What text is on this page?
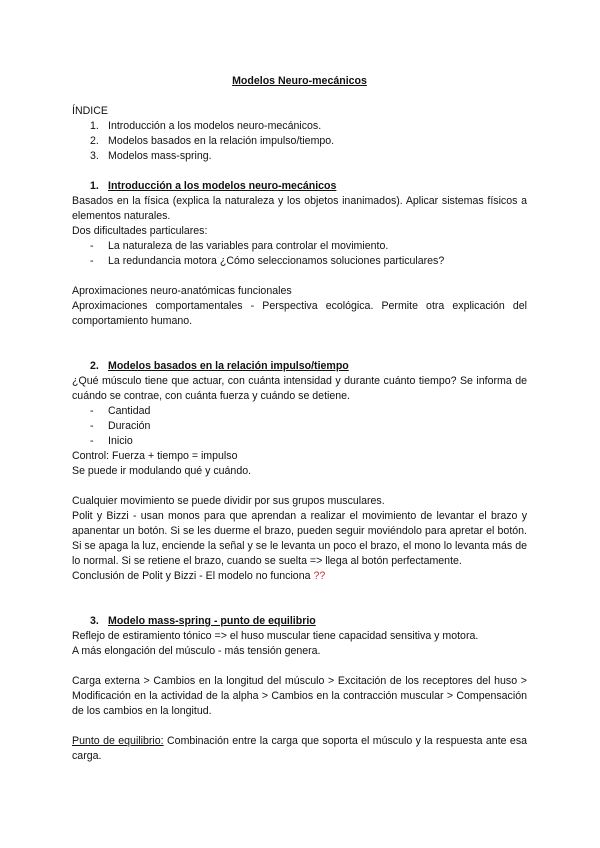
Modelos Neuro-mecánicos

ÍNDICE

1. Introducción a los modelos neuro-mecánicos.
2. Modelos basados en la relación impulso/tiempo.
3. Modelos mass-spring.

1. Introducción a los modelos neuro-mecánicos

Basados en la física (explica la naturaleza y los objetos inanimados). Aplicar sistemas físicos a elementos naturales.

Dos dificultades particulares:

- La naturaleza de las variables para controlar el movimiento.
- La redundancia motora ¿Cómo seleccionamos soluciones particulares?

Aproximaciones neuro-anatómicas funcionales

Aproximaciones comportamentales - Perspectiva ecológica. Permite otra explicación del comportamiento humano.

2. Modelos basados en la relación impulso/tiempo

¿Qué músculo tiene que actuar, con cuánta intensidad y durante cuánto tiempo? Se informa de cuándo se contrae, con cuánta fuerza y cuándo se detiene.

- Cantidad
- Duración
- Inicio

Control: Fuerza + tiempo = impulso

Se puede ir modulando qué y cuándo.

Cualquier movimiento se puede dividir por sus grupos musculares.

Polit y Bizzi - usan monos para que aprendan a realizar el movimiento de levantar el brazo y apanentar un botón. Si se les duerme el brazo, pueden seguir moviéndolo para apretar el botón. Si se apaga la luz, enciende la señal y se le levanta un poco el brazo, el mono lo levanta más de lo normal. Si se retiene el brazo, cuando se suelta => llega al botón perfectamente.

Conclusión de Polit y Bizzi - El modelo no funciona ??

3. Modelo mass-spring - punto de equilibrio

Reflejo de estiramiento tónico => el huso muscular tiene capacidad sensitiva y motora.

A más elongación del músculo - más tensión genera.

Carga externa > Cambios en la longitud del músculo > Excitación de los receptores del huso > Modificación en la actividad de la alpha > Cambios en la contracción muscular > Compensación de los cambios en la longitud.

Punto de equilibrio: Combinación entre la carga que soporta el músculo y la respuesta ante esa carga.
